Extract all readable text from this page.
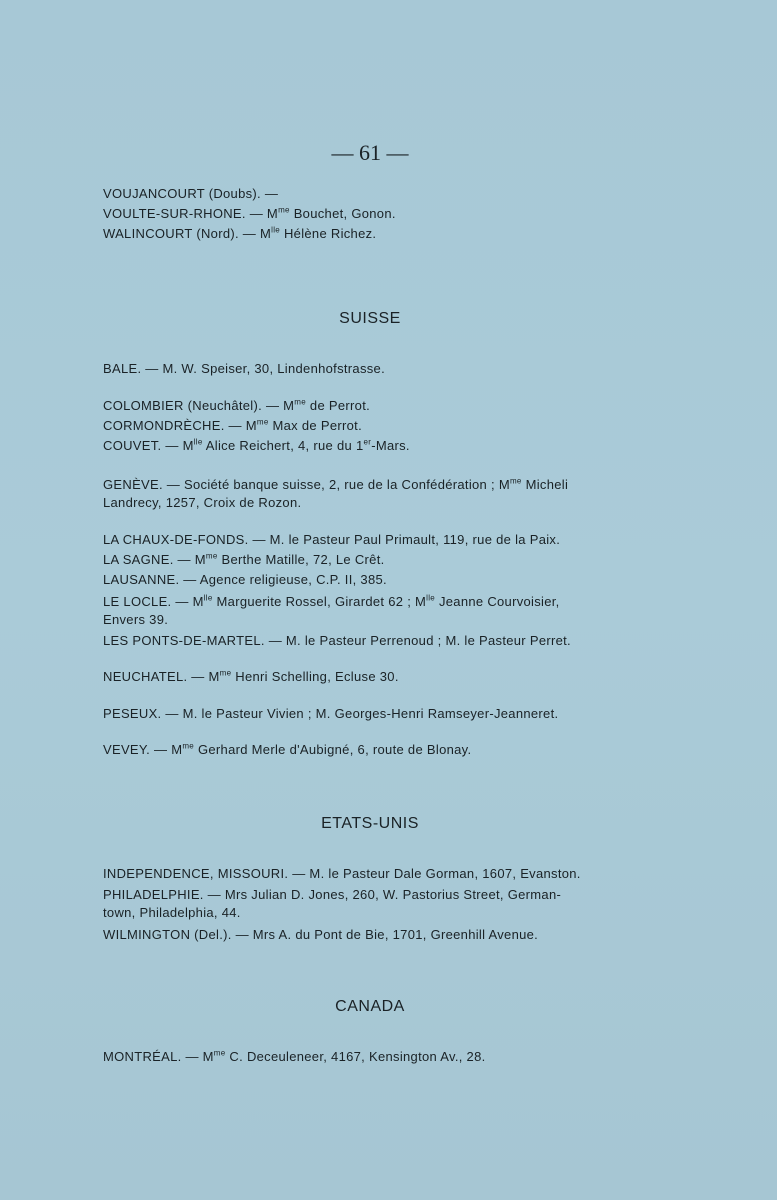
— 61 —

VOUJANCOURT (Doubs). —

VOULTE-SUR-RHONE. — $M^{me}$ Bouchet, Gonon.

WALINCOURT (Nord). — $M^{lle}$ Hélène Richez.

SUISSE

BALE. — M. W. Speiser, 30, Lindenhofstrasse.

COLOMBIER (Neuchâtel). — $M^{me}$ de Perrot.

CORMONDRÈCHE. — $M^{me}$ Max de Perrot.

COUVET. — $M^{lle}$ Alice Reichert, 4, rue du 1er-Mars.

GENÈVE. — Société banque suisse, 2, rue de la Confédération ; $M^{me}$ Micheli
Landrecy, 1257, Croix de Rozon.

LA CHAUX-DE-FONDS. — M. le Pasteur Paul Primault, 119, rue de la Paix.

LA SAGNE. — $M^{me}$ Berthe Matille, 72, Le Crêt.

LAUSANNE. — Agence religieuse, C.P. II, 385.

LE LOCLE. — $M^{lle}$ Marguerite Rossel, Girardet 62 ; $M^{lle}$ Jeanne Courvoisier,
Envers 39.

LES PONTS-DE-MARTEL. — M. le Pasteur Perrenoud ; M. le Pasteur Perret.

NEUCHATEL. — $M^{me}$ Henri Schelling, Ecluse 30.

PESEUX. — M. le Pasteur Vivien ; M. Georges-Henri Ramseyer-Jeanneret.

VEVEY. — $M^{me}$ Gerhard Merle d'Aubigné, 6, route de Blonay.

ETATS-UNIS

INDEPENDENCE, MISSOURI. — M. le Pasteur Dale Gorman, 1607, Evanston.

PHILADELPHIE. — Mrs Julian D. Jones, 260, W. Pastorius Street, German-
town, Philadelphia, 44.

WILMINGTON (Del.). — Mrs A. du Pont de Bie, 1701, Greenhill Avenue.

CANADA

MONTRÉAL. — $M^{me}$ C. Deceuleneer, 4167, Kensington Av., 28.
